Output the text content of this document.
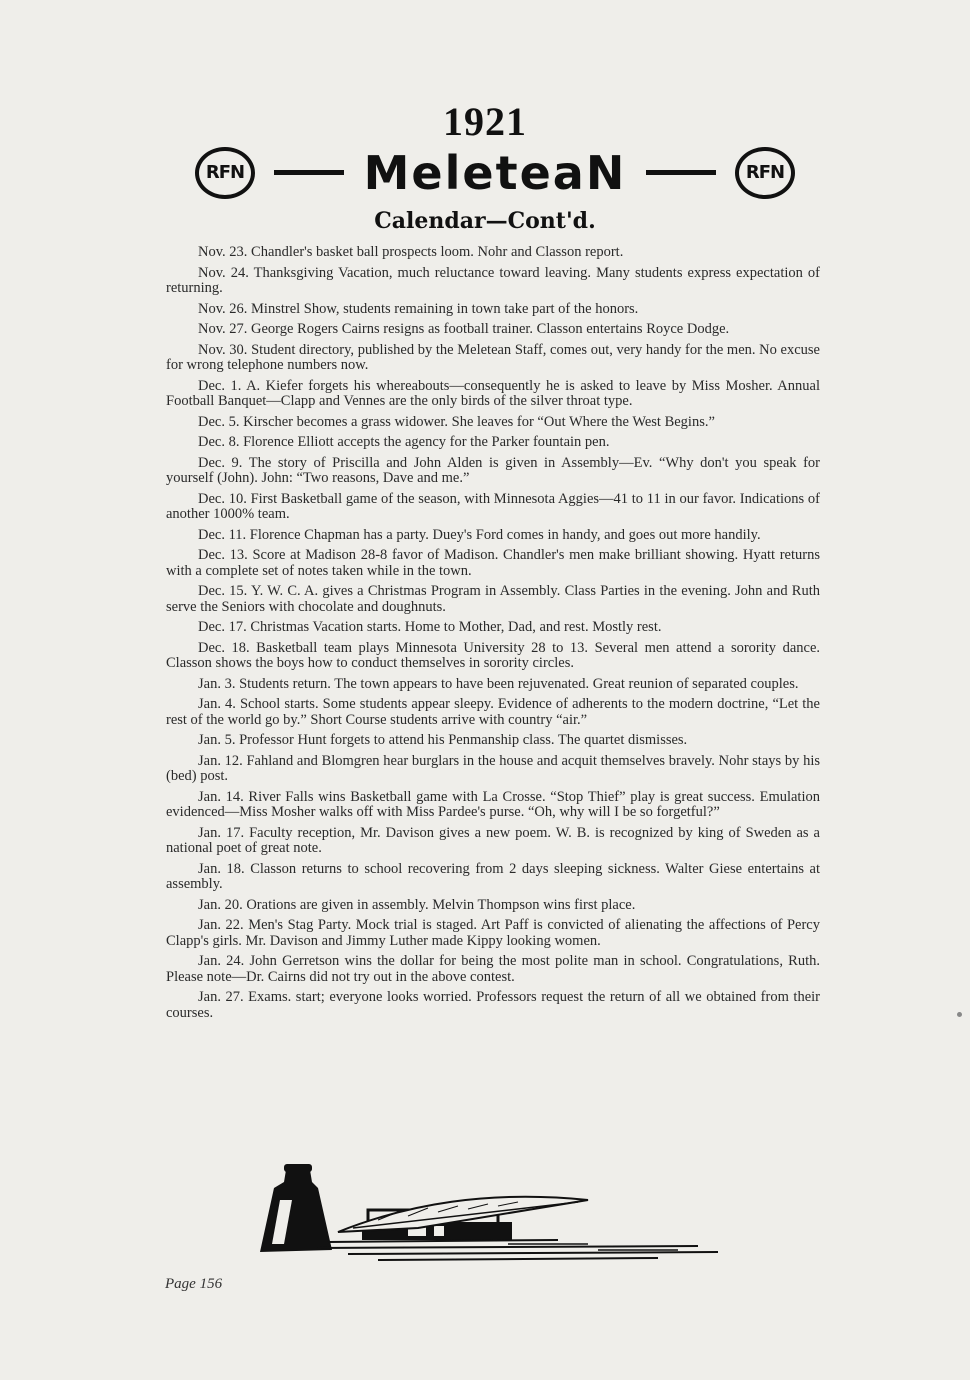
1921
RFN	MeleteaN	RFN
Calendar—Cont'd.

Nov. 23. Chandler's basket ball prospects loom. Nohr and Classon report.

Nov. 24. Thanksgiving Vacation, much reluctance toward leaving. Many students express expectation of returning.

Nov. 26. Minstrel Show, students remaining in town take part of the honors.

Nov. 27. George Rogers Cairns resigns as football trainer. Classon entertains Royce Dodge.

Nov. 30. Student directory, published by the Meletean Staff, comes out, very handy for the men. No excuse for wrong telephone numbers now.

Dec. 1. A. Kiefer forgets his whereabouts—consequently he is asked to leave by Miss Mosher. Annual Football Banquet—Clapp and Vennes are the only birds of the silver throat type.

Dec. 5. Kirscher becomes a grass widower. She leaves for “Out Where the West Begins.”

Dec. 8. Florence Elliott accepts the agency for the Parker fountain pen.

Dec. 9. The story of Priscilla and John Alden is given in Assembly—Ev. “Why don't you speak for yourself (John). John: “Two reasons, Dave and me.”

Dec. 10. First Basketball game of the season, with Minnesota Aggies—41 to 11 in our favor. Indications of another 1000% team.

Dec. 11. Florence Chapman has a party. Duey's Ford comes in handy, and goes out more handily.

Dec. 13. Score at Madison 28-8 favor of Madison. Chandler's men make brilliant showing. Hyatt returns with a complete set of notes taken while in the town.

Dec. 15. Y. W. C. A. gives a Christmas Program in Assembly. Class Parties in the evening. John and Ruth serve the Seniors with chocolate and doughnuts.

Dec. 17. Christmas Vacation starts. Home to Mother, Dad, and rest. Mostly rest.

Dec. 18. Basketball team plays Minnesota University 28 to 13. Several men attend a sorority dance. Classon shows the boys how to conduct themselves in sorority circles.

Jan. 3. Students return. The town appears to have been rejuvenated. Great reunion of separated couples.

Jan. 4. School starts. Some students appear sleepy. Evidence of adherents to the modern doctrine, “Let the rest of the world go by.” Short Course students arrive with country “air.”

Jan. 5. Professor Hunt forgets to attend his Penmanship class. The quartet dismisses.

Jan. 12. Fahland and Blomgren hear burglars in the house and acquit themselves bravely. Nohr stays by his (bed) post.

Jan. 14. River Falls wins Basketball game with La Crosse. “Stop Thief” play is great success. Emulation evidenced—Miss Mosher walks off with Miss Pardee's purse. “Oh, why will I be so forgetful?”

Jan. 17. Faculty reception, Mr. Davison gives a new poem. W. B. is recognized by king of Sweden as a national poet of great note.

Jan. 18. Classon returns to school recovering from 2 days sleeping sickness. Walter Giese entertains at assembly.

Jan. 20. Orations are given in assembly. Melvin Thompson wins first place.

Jan. 22. Men's Stag Party. Mock trial is staged. Art Paff is convicted of alienating the affections of Percy Clapp's girls. Mr. Davison and Jimmy Luther made Kippy looking women.

Jan. 24. John Gerretson wins the dollar for being the most polite man in school. Congratulations, Ruth. Please note—Dr. Cairns did not try out in the above contest.

Jan. 27. Exams. start; everyone looks worried. Professors request the return of all we obtained from their courses.

Page 156
